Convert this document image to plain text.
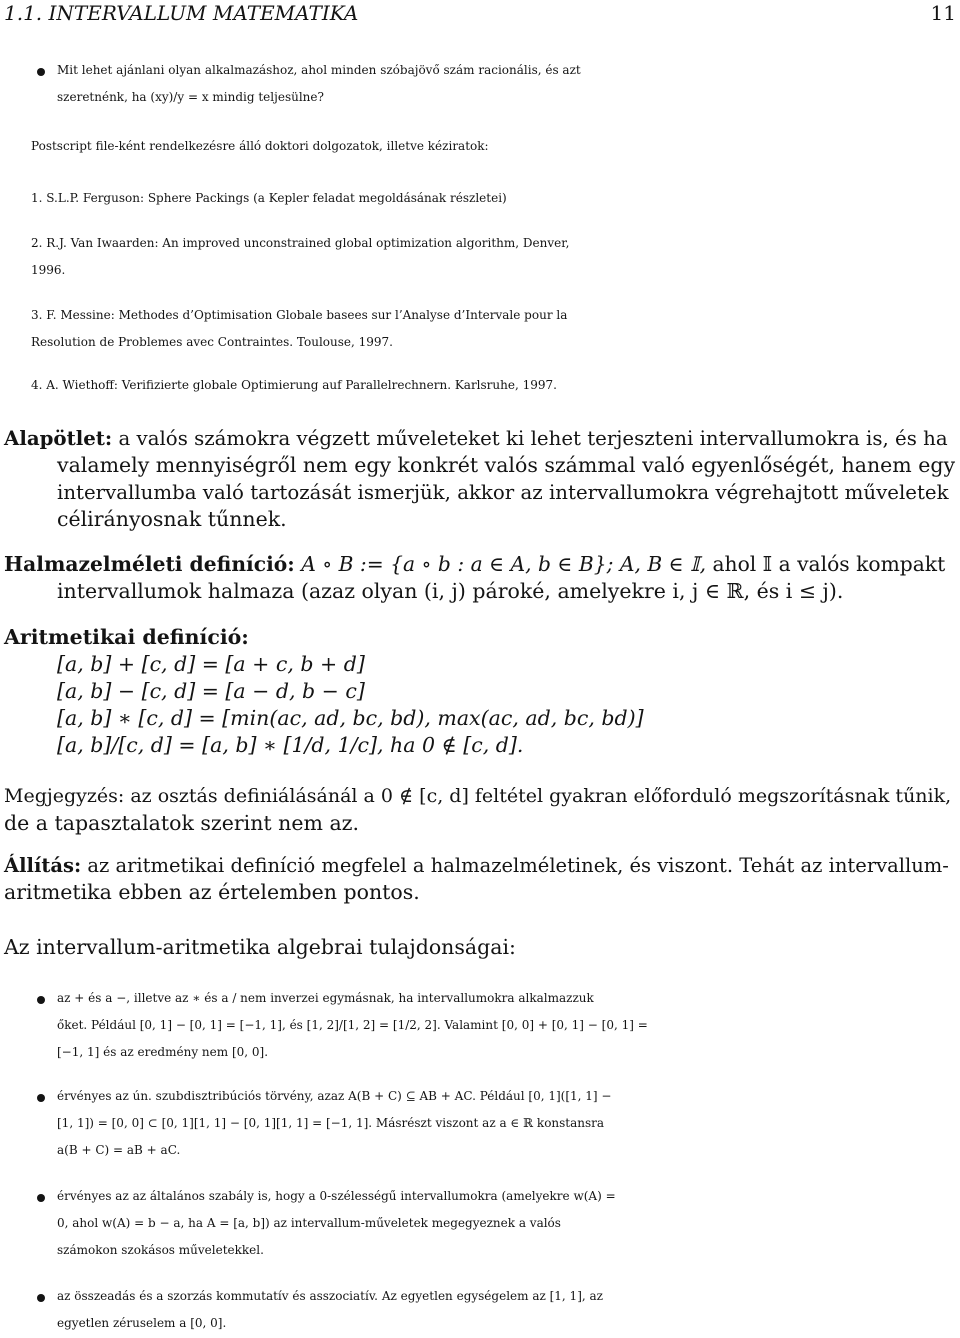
1.1. INTERVALLUM MATEMATIKA	11
Mit lehet ajánlani olyan alkalmazáshoz, ahol minden szóbajövő szám racionális, és azt
szeretnénk, ha (xy)/y = x mindig teljesülne?
Postscript file-ként rendelkezésre álló doktori dolgozatok, illetve kéziratok:
1. S.L.P. Ferguson: Sphere Packings (a Kepler feladat megoldásának részletei)
2. R.J. Van Iwaarden: An improved unconstrained global optimization algorithm, Denver,
1996.
3. F. Messine: Methodes d’Optimisation Globale basees sur l’Analyse d’Intervale pour la
Resolution de Problemes avec Contraintes. Toulouse, 1997.
4. A. Wiethoff: Verifizierte globale Optimierung auf Parallelrechnern. Karlsruhe, 1997.
Alapötlet: a valós számokra végzett műveleteket ki lehet terjeszteni intervallumokra is, és ha
valamely mennyiségről nem egy konkrét valós számmal való egyenlőségét, hanem egy
intervallumba való tartozását ismerjük, akkor az intervallumokra végrehajtott műveletek
célirányosnak tűnnek.
Halmazelméleti definíció: A ∘ B := {a ∘ b : a ∈ A, b ∈ B}; A, B ∈ 𝕀, ahol 𝕀 a valós kompakt
intervallumok halmaza (azaz olyan (i, j) pároké, amelyekre i, j ∈ ℝ, és i ≤ j).
Aritmetikai definíció:
[a, b] + [c, d] = [a + c, b + d]
[a, b] − [c, d] = [a − d, b − c]
[a, b] ∗ [c, d] = [min(ac, ad, bc, bd), max(ac, ad, bc, bd)]
[a, b]/[c, d] = [a, b] ∗ [1/d, 1/c], ha 0 ∉ [c, d].
Megjegyzés: az osztás definiálásánál a 0 ∉ [c, d] feltétel gyakran előforduló megszorításnak tűnik,
de a tapasztalatok szerint nem az.
Állítás: az aritmetikai definíció megfelel a halmazelméletinek, és viszont. Tehát az intervallum-
aritmetika ebben az értelemben pontos.
Az intervallum-aritmetika algebrai tulajdonságai:
az + és a −, illetve az ∗ és a / nem inverzei egymásnak, ha intervallumokra alkalmazzuk
őket. Például [0, 1] − [0, 1] = [−1, 1], és [1, 2]/[1, 2] = [1/2, 2]. Valamint [0, 0] + [0, 1] − [0, 1] =
[−1, 1] és az eredmény nem [0, 0].
érvényes az ún. szubdisztribúciós törvény, azaz A(B + C) ⊆ AB + AC. Például [0, 1]([1, 1] −
[1, 1]) = [0, 0] ⊂ [0, 1][1, 1] − [0, 1][1, 1] = [−1, 1]. Másrészt viszont az a ∈ ℝ konstansra
a(B + C) = aB + aC.
érvényes az az általános szabály is, hogy a 0-szélességű intervallumokra (amelyekre w(A) =
0, ahol w(A) = b − a, ha A = [a, b]) az intervallum-műveletek megegyeznek a valós
számokon szokásos műveletekkel.
az összeadás és a szorzás kommutatív és asszociatív. Az egyetlen egységelem az [1, 1], az
egyetlen zéruselem a [0, 0].
